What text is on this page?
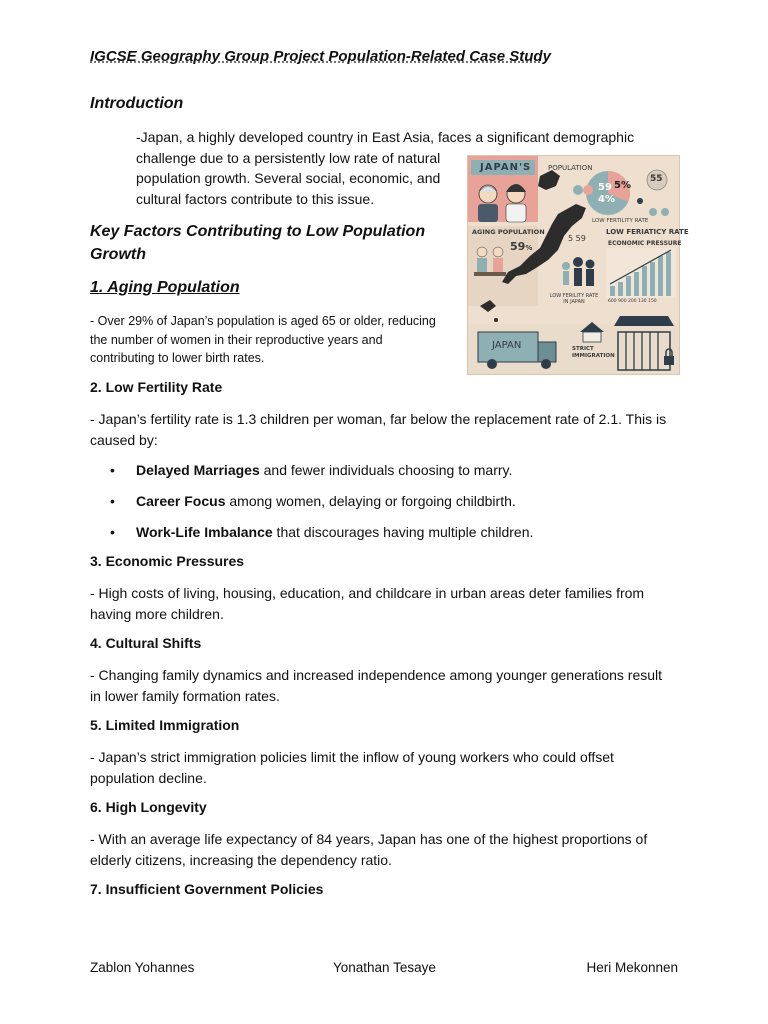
IGCSE Geography Group Project Population-Related Case Study
Introduction

-Japan, a highly developed country in East Asia, faces a significant demographic
challenge due to a persistently low rate of natural population growth. Several social, economic, and cultural factors contribute to this issue.

JAPAN'S POPULATION
59
4%
5%
55
LOW FERTILITY RATE
AGING POPULATION
59%
5 59
LOW FERIATICY RATE
ECONOMIC PRESSURE
600 900 200 130 150
LOW FERILITY RATE IN JAPAN
JAPAN	STRICT IMMIGRATION
Key Factors Contributing to Low Population Growth
1. Aging Population

- Over 29% of Japan’s population is aged 65 or older, reducing the number of women in their reproductive years and contributing to lower birth rates.

2. Low Fertility Rate

- Japan’s fertility rate is 1.3 children per woman, far below the replacement rate of 2.1. This is caused by:

• Delayed Marriages and fewer individuals choosing to marry.
• Career Focus among women, delaying or forgoing childbirth.
• Work-Life Imbalance that discourages having multiple children.
3. Economic Pressures

- High costs of living, housing, education, and childcare in urban areas deter families from having more children.

4. Cultural Shifts

- Changing family dynamics and increased independence among younger generations result in lower family formation rates.

5. Limited Immigration

- Japan’s strict immigration policies limit the inflow of young workers who could offset population decline.

6. High Longevity

- With an average life expectancy of 84 years, Japan has one of the highest proportions of elderly citizens, increasing the dependency ratio.

7. Insufficient Government Policies
Zablon Yohannes	Yonathan Tesaye	Heri Mekonnen
